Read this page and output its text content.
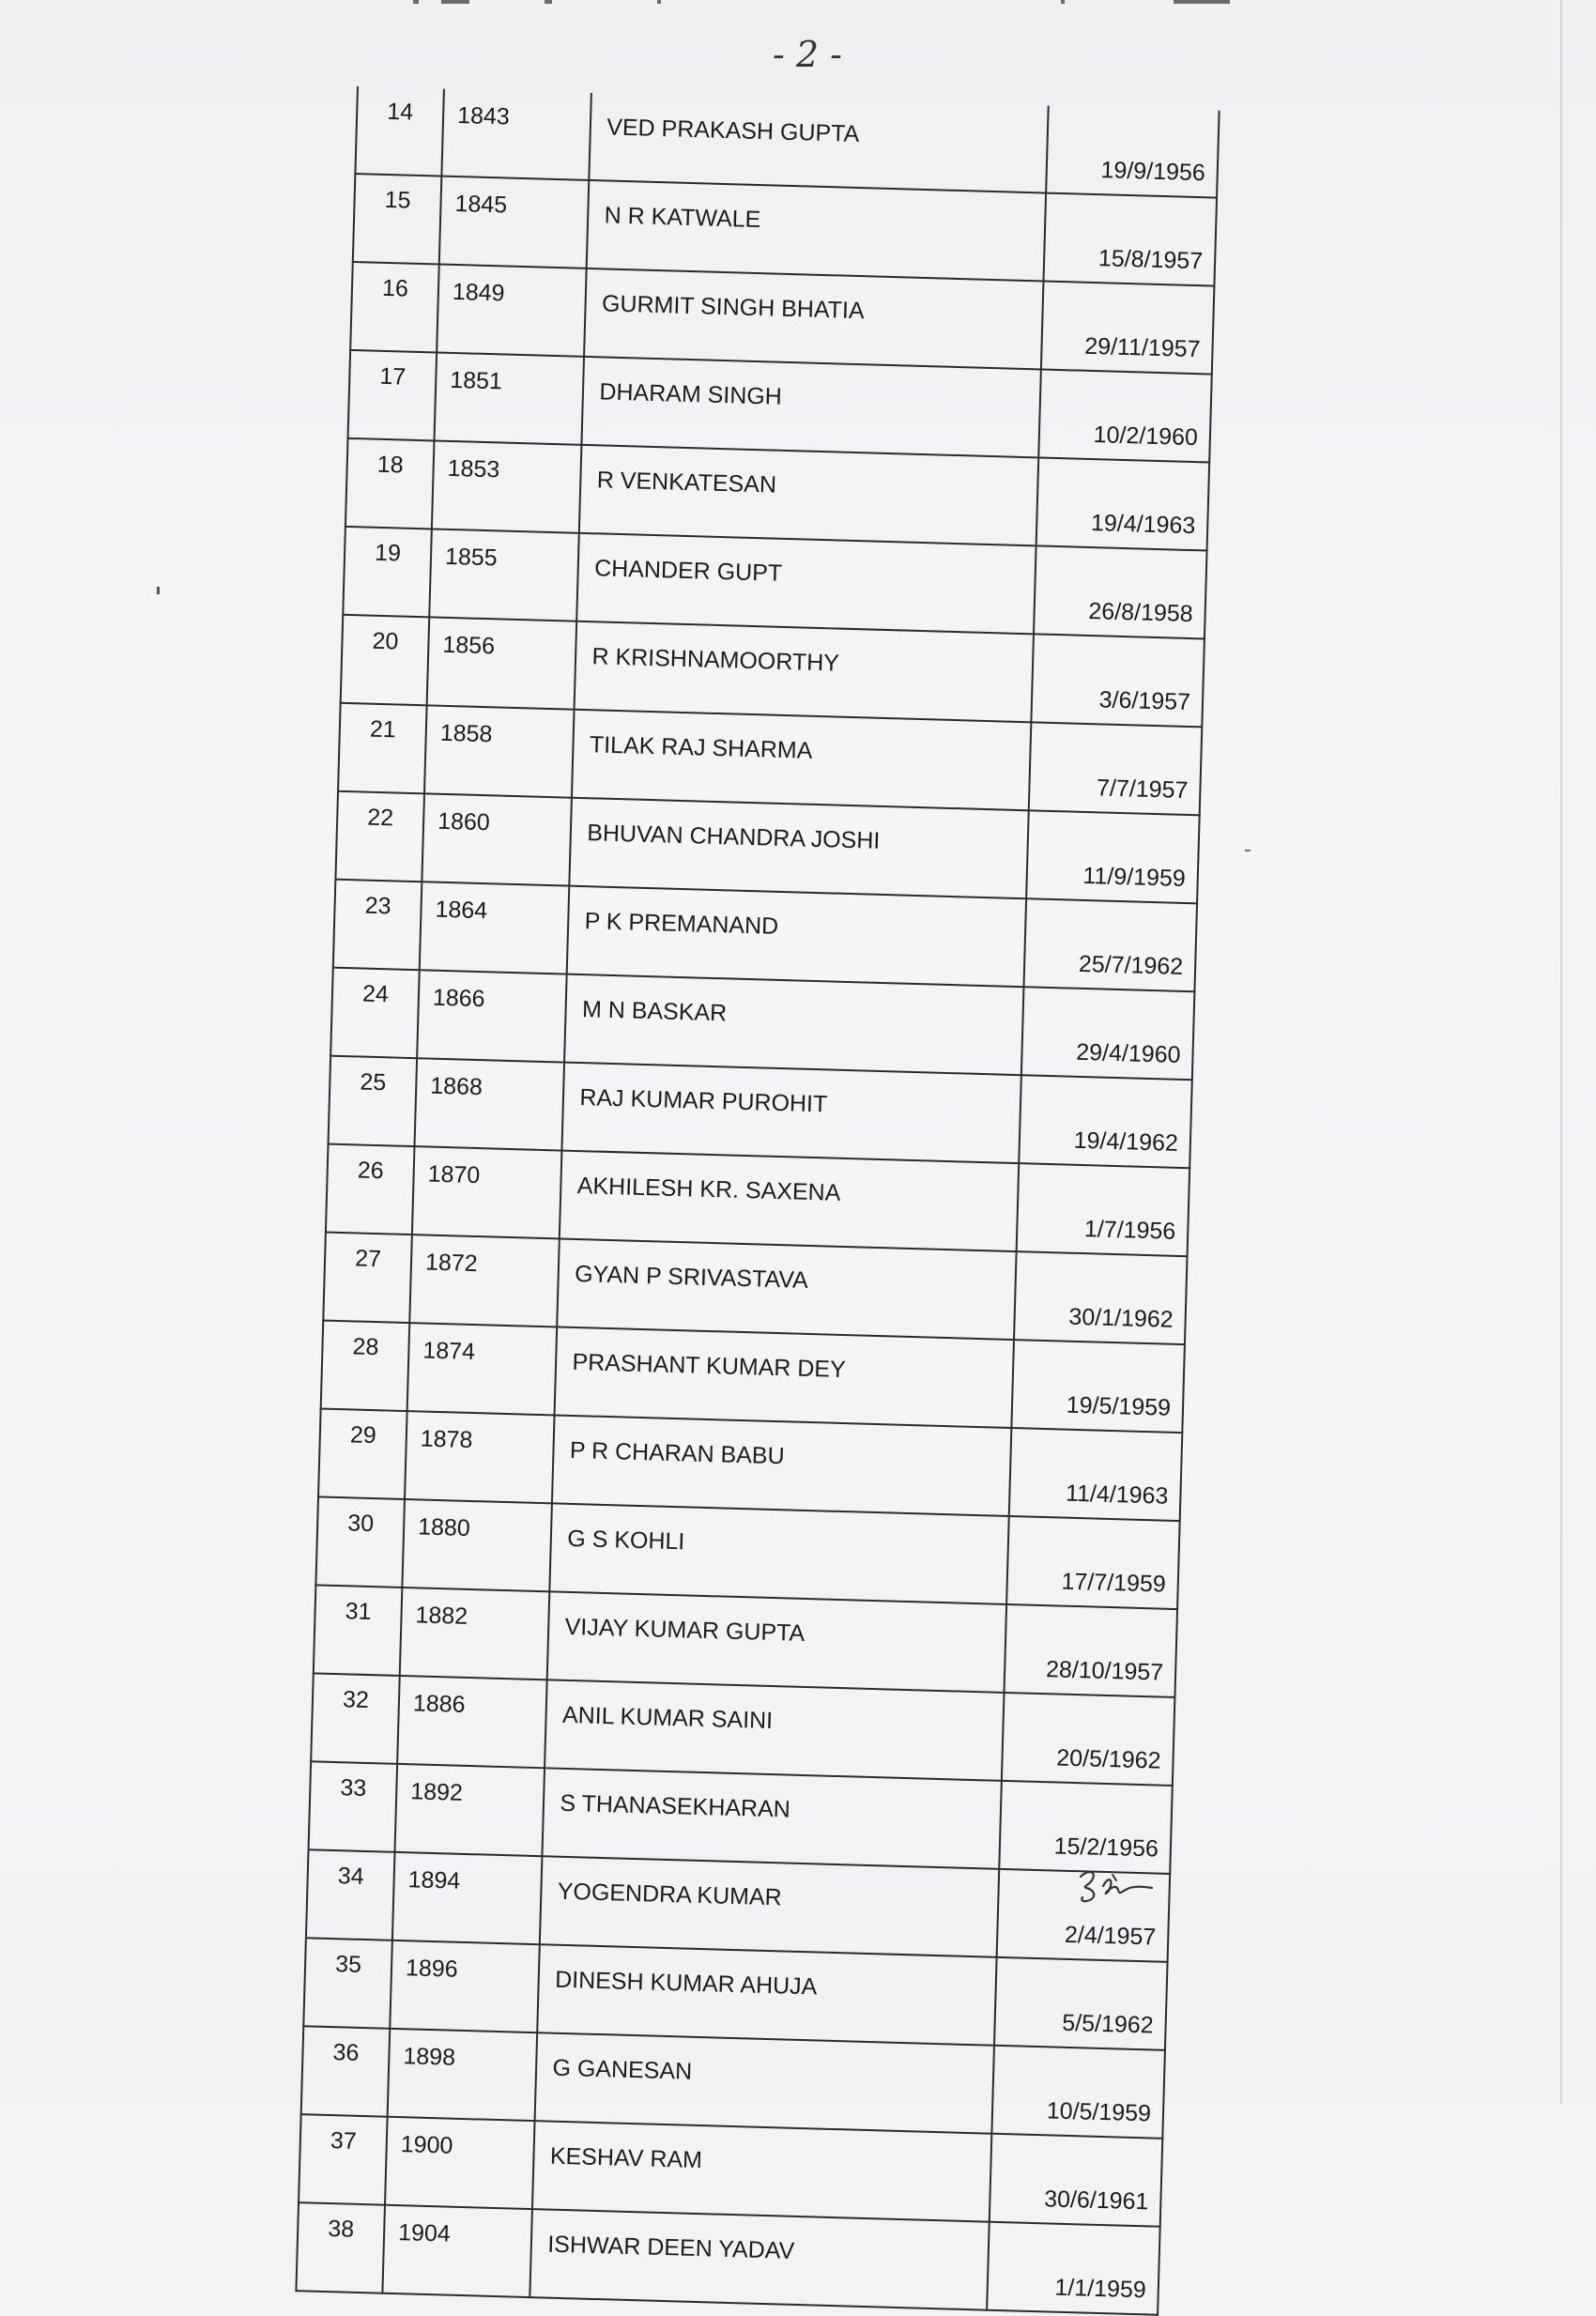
- 2 -
14	1843	VED PRAKASH GUPTA	19/9/1956
15	1845	N R KATWALE	15/8/1957
16	1849	GURMIT SINGH BHATIA	29/11/1957
17	1851	DHARAM SINGH	10/2/1960
18	1853	R VENKATESAN	19/4/1963
19	1855	CHANDER GUPT	26/8/1958
20	1856	R KRISHNAMOORTHY	3/6/1957
21	1858	TILAK RAJ SHARMA	7/7/1957
22	1860	BHUVAN CHANDRA JOSHI	11/9/1959
23	1864	P K PREMANAND	25/7/1962
24	1866	M N BASKAR	29/4/1960
25	1868	RAJ KUMAR PUROHIT	19/4/1962
26	1870	AKHILESH KR. SAXENA	1/7/1956
27	1872	GYAN P SRIVASTAVA	30/1/1962
28	1874	PRASHANT KUMAR DEY	19/5/1959
29	1878	P R CHARAN BABU	11/4/1963
30	1880	G S KOHLI	17/7/1959
31	1882	VIJAY KUMAR GUPTA	28/10/1957
32	1886	ANIL KUMAR SAINI	20/5/1962
33	1892	S THANASEKHARAN	15/2/1956
34	1894	YOGENDRA KUMAR	2/4/1957
35	1896	DINESH KUMAR AHUJA	5/5/1962
36	1898	G GANESAN	10/5/1959
37	1900	KESHAV RAM	30/6/1961
38	1904	ISHWAR DEEN YADAV	1/1/1959
